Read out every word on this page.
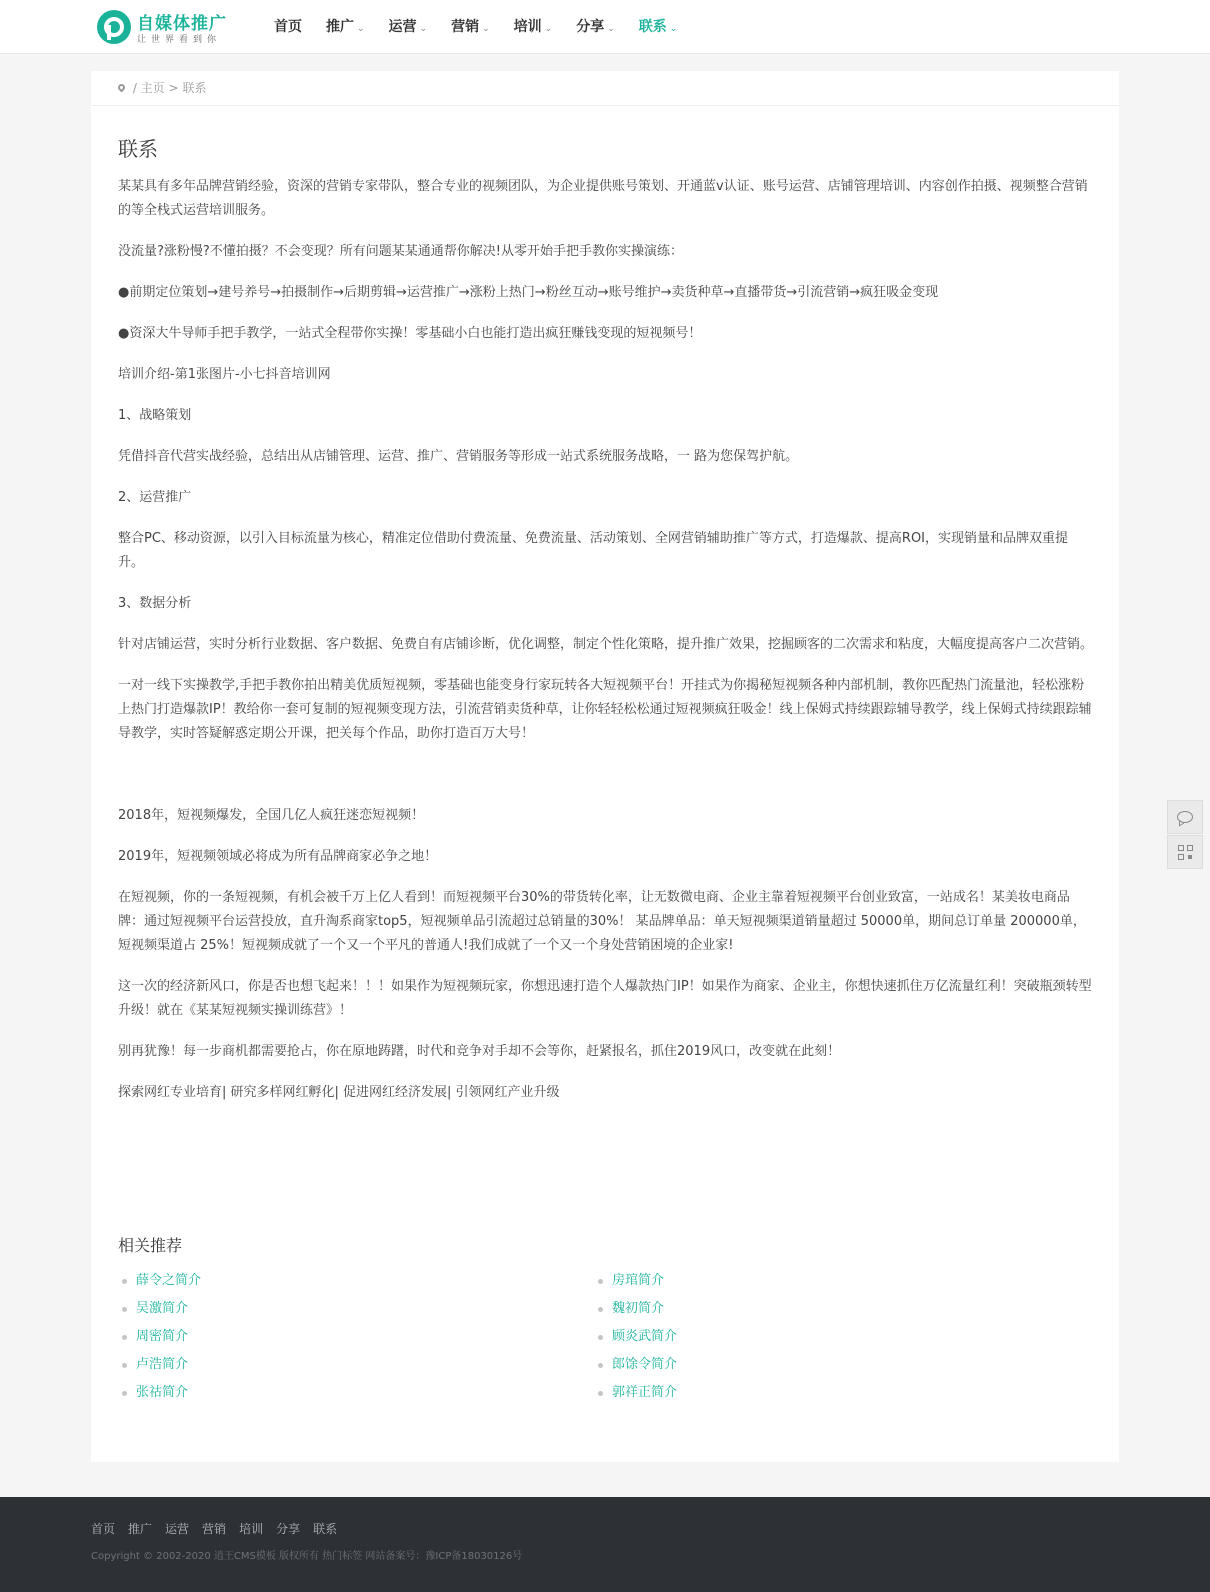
自媒体推广
让世界看到你
首页	推广 ⌄	运营 ⌄	营销 ⌄	培训 ⌄	分享 ⌄	联系 ⌄
/ 主页 > 联系
联系

某某具有多年品牌营销经验，资深的营销专家带队，整合专业的视频团队，为企业提供账号策划、开通蓝v认证、账号运营、店铺管理培训、内容创作拍摄、视频整合营销的等全栈式运营培训服务。

没流量?涨粉慢?不懂拍摄？不会变现？所有问题某某通通帮你解决!从零开始手把手教你实操演练：

●前期定位策划→建号养号→拍摄制作→后期剪辑→运营推广→涨粉上热门→粉丝互动→账号维护→卖货种草→直播带货→引流营销→疯狂吸金变现

●资深大牛导师手把手教学，一站式全程带你实操！零基础小白也能打造出疯狂赚钱变现的短视频号！

培训介绍-第1张图片-小七抖音培训网

1、战略策划

凭借抖音代营实战经验，总结出从店铺管理、运营、推广、营销服务等形成一站式系统服务战略，一 路为您保驾护航。

2、运营推广

整合PC、移动资源，以引入目标流量为核心，精准定位借助付费流量、免费流量、活动策划、全网营销辅助推广等方式，打造爆款、提高ROI，实现销量和品牌双重提升。

3、数据分析

针对店铺运营，实时分析行业数据、客户数据、免费自有店铺诊断，优化调整，制定个性化策略，提升推广效果，挖掘顾客的二次需求和粘度，大幅度提高客户二次营销。

一对一线下实操教学,手把手教你拍出精美优质短视频，零基础也能变身行家玩转各大短视频平台！开挂式为你揭秘短视频各种内部机制，教你匹配热门流量池，轻松涨粉上热门打造爆款IP！教给你一套可复制的短视频变现方法，引流营销卖货种草，让你轻轻松松通过短视频疯狂吸金！线上保姆式持续跟踪辅导教学，线上保姆式持续跟踪辅导教学，实时答疑解惑定期公开课，把关每个作品，助你打造百万大号！

2018年，短视频爆发，全国几亿人疯狂迷恋短视频！

2019年，短视频领域必将成为所有品牌商家必争之地！

在短视频，你的一条短视频，有机会被千万上亿人看到！而短视频平台30%的带货转化率，让无数微电商、企业主靠着短视频平台创业致富，一站成名！某美妆电商品牌：通过短视频平台运营投放，直升淘系商家top5，短视频单品引流超过总销量的30%！ 某品牌单品：单天短视频渠道销量超过 50000单，期间总订单量 200000单，短视频渠道占 25%！短视频成就了一个又一个平凡的普通人!我们成就了一个又一个身处营销困境的企业家!

这一次的经济新风口，你是否也想飞起来！！！如果作为短视频玩家，你想迅速打造个人爆款热门IP！如果作为商家、企业主，你想快速抓住万亿流量红利！突破瓶颈转型升级！就在《某某短视频实操训练营》！

别再犹豫！每一步商机都需要抢占，你在原地踌躇，时代和竞争对手却不会等你，赶紧报名，抓住2019风口，改变就在此刻！

探索网红专业培育| 研究多样网红孵化| 促进网红经济发展| 引领网红产业升级

相关推荐
薛令之简介
吴激简介
周密简介
卢浩简介
张祜简介
房琯简介
魏初简介
顾炎武简介
郎馀令简介
郭祥正简介
首页 推广 运营 营销 培训 分享 联系
Copyright © 2002-2020 逍王CMS模板 版权所有 热门标签 网站备案号：豫ICP备18030126号
